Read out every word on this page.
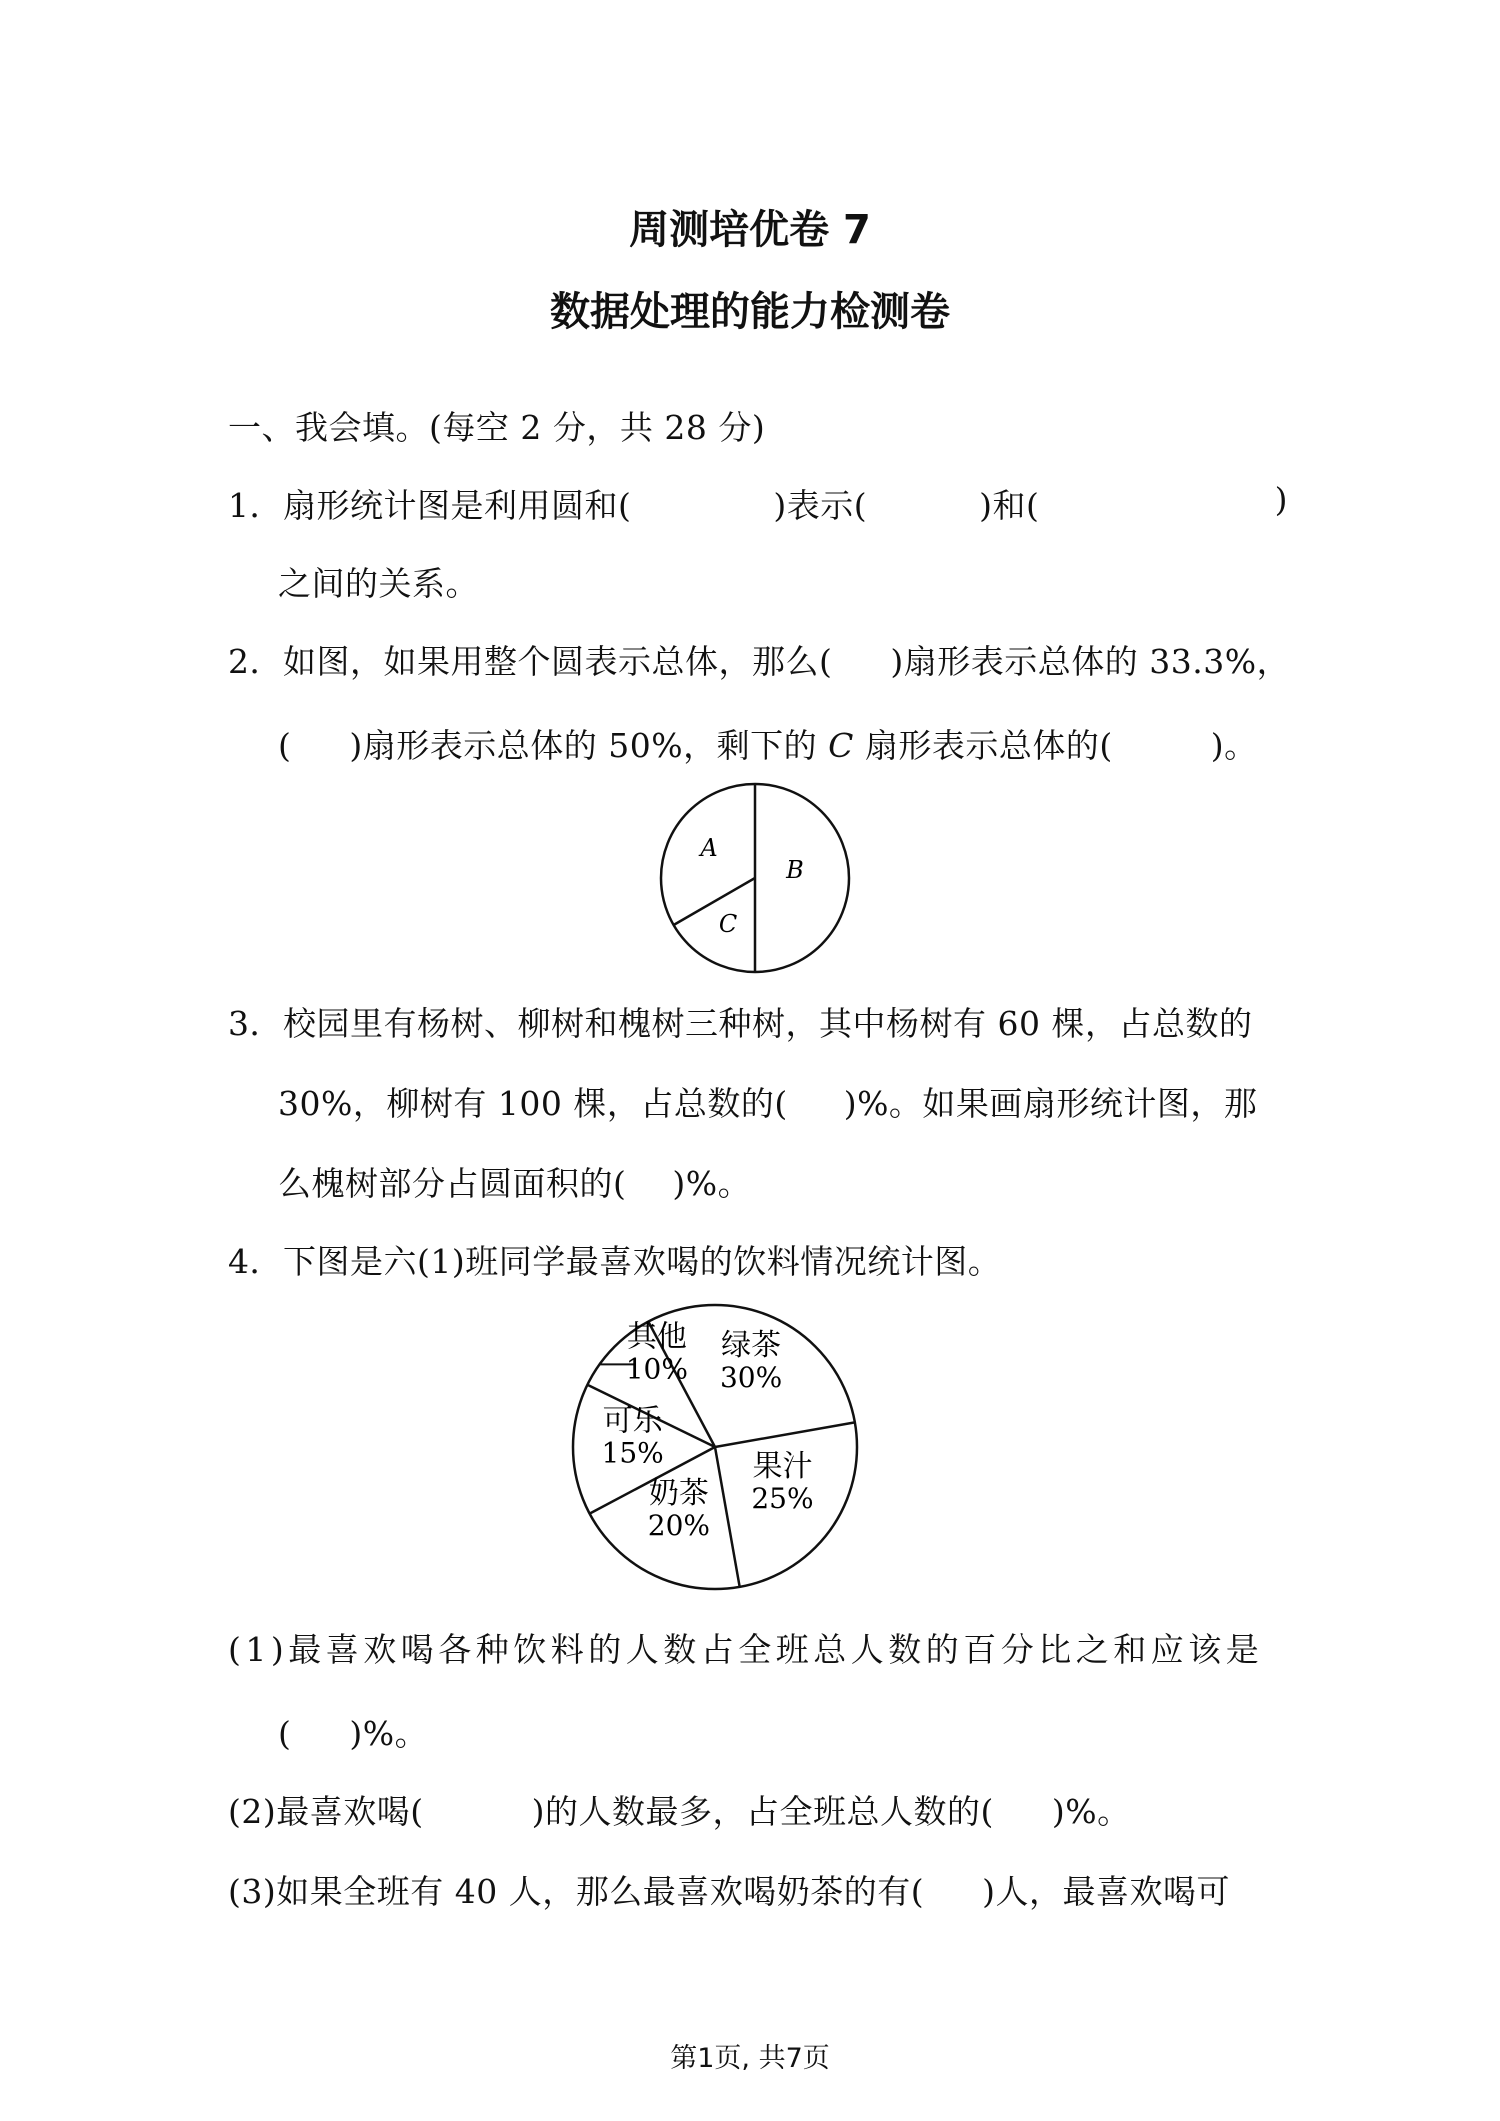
周测培优卷 7
数据处理的能力检测卷
一、我会填。(每空 2 分，共 28 分)
1．扇形统计图是利用圆和(	)表示(	)和(	)
之间的关系。
2．如图，如果用整个圆表示总体，那么( )扇形表示总体的 33.3%，
( )扇形表示总体的 50%，剩下的 C 扇形表示总体的(	)。
A
B
C
3．校园里有杨树、柳树和槐树三种树，其中杨树有 60 棵，占总数的
30%，柳树有 100 棵，占总数的( )%。如果画扇形统计图，那
么槐树部分占圆面积的( )%。
4．下图是六(1)班同学最喜欢喝的饮料情况统计图。
绿茶
30%
其他
10%
可乐
15%
奶茶
20%
果汁
25%
(1)最喜欢喝各种饮料的人数占全班总人数的百分比之和应该是
( )%。
(2)最喜欢喝(	)的人数最多，占全班总人数的( )%。
(3)如果全班有 40 人，那么最喜欢喝奶茶的有( )人，最喜欢喝可
第1页, 共7页
